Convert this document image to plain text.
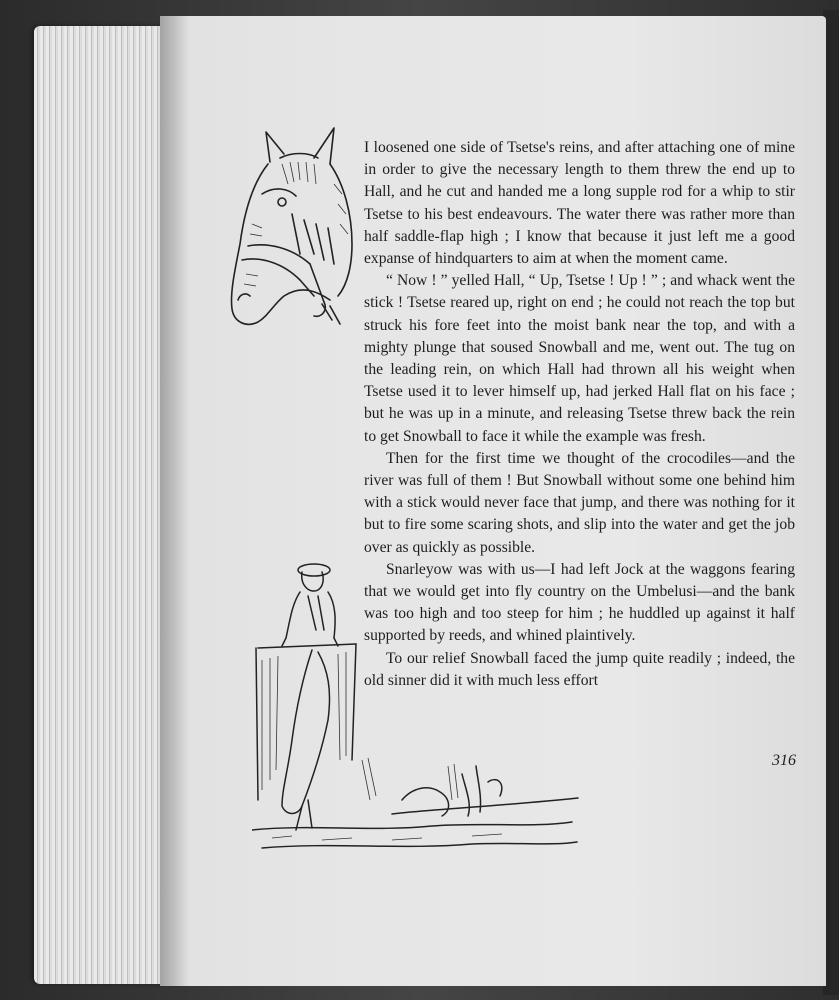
I loosened one side of Tsetse's reins, and after attaching one of mine in order to give the necessary length to them threw the end up to Hall, and he cut and handed me a long supple rod for a whip to stir Tsetse to his best endeavours. The water there was rather more than half saddle-flap high ; I know that because it just left me a good expanse of hindquarters to aim at when the moment came.

“ Now ! ” yelled Hall, “ Up, Tsetse ! Up ! ” ; and whack went the stick ! Tsetse reared up, right on end ; he could not reach the top but struck his fore feet into the moist bank near the top, and with a mighty plunge that soused Snowball and me, went out. The tug on the leading rein, on which Hall had thrown all his weight when Tsetse used it to lever himself up, had jerked Hall flat on his face ; but he was up in a minute, and releasing Tsetse threw back the rein to get Snowball to face it while the example was fresh.

Then for the first time we thought of the crocodiles—and the river was full of them ! But Snowball without some one behind him with a stick would never face that jump, and there was nothing for it but to fire some scaring shots, and slip into the water and get the job over as quickly as possible.

Snarleyow was with us—I had left Jock at the waggons fearing that we would get into fly country on the Umbelusi—and the bank was too high and too steep for him ; he huddled up against it half supported by reeds, and whined plaintively.

To our relief Snowball faced the jump quite readily ; indeed, the old sinner did it with much less effort

316
